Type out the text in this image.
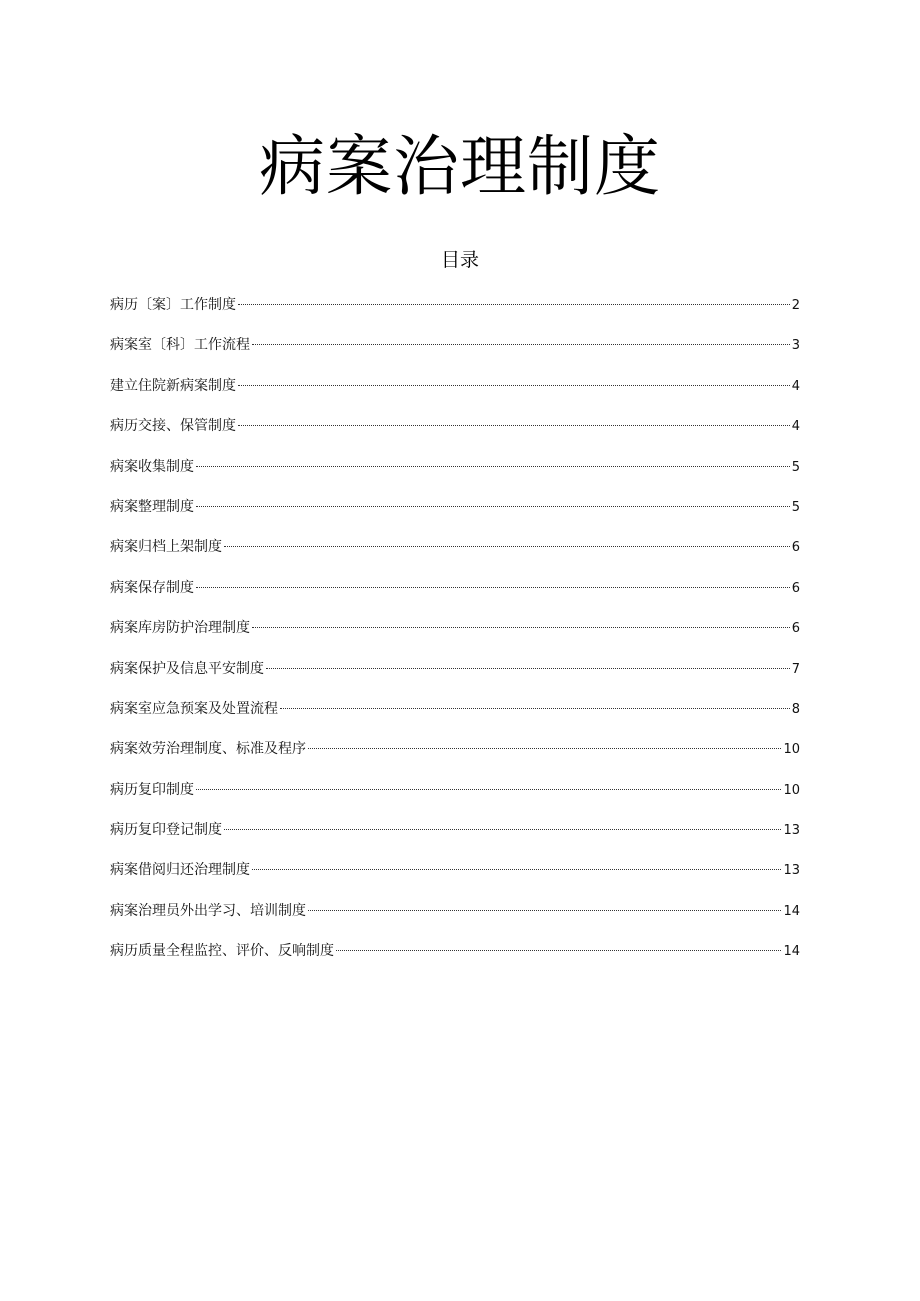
病案治理制度
目录
病历〔案〕工作制度	2
病案室〔科〕工作流程	3
建立住院新病案制度	4
病历交接、保管制度	4
病案收集制度	5
病案整理制度	5
病案归档上架制度	6
病案保存制度	6
病案库房防护治理制度	6
病案保护及信息平安制度	7
病案室应急预案及处置流程	8
病案效劳治理制度、标准及程序	10
病历复印制度	10
病历复印登记制度	13
病案借阅归还治理制度	13
病案治理员外出学习、培训制度	14
病历质量全程监控、评价、反响制度	14
